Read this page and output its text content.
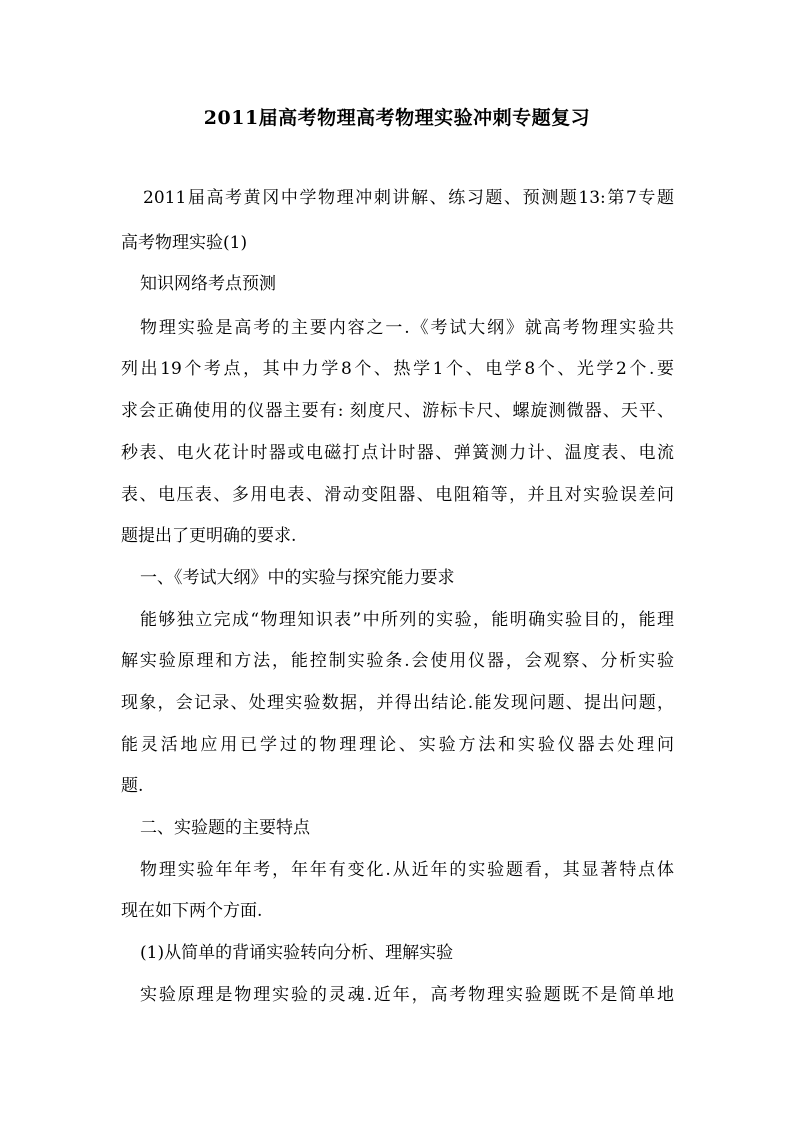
2011届高考物理高考物理实验冲刺专题复习
2011届高考黄冈中学物理冲刺讲解、练习题、预测题13:第7专题
高考物理实验(1)
知识网络考点预测
物理实验是高考的主要内容之一.《考试大纲》就高考物理实验共
列出19个考点，其中力学8个、热学1个、电学8个、光学2个.要
求会正确使用的仪器主要有: 刻度尺、游标卡尺、螺旋测微器、天平、
秒表、电火花计时器或电磁打点计时器、弹簧测力计、温度表、电流
表、电压表、多用电表、滑动变阻器、电阻箱等，并且对实验误差问
题提出了更明确的要求.
一、《考试大纲》中的实验与探究能力要求
能够独立完成“物理知识表”中所列的实验，能明确实验目的，能理
解实验原理和方法，能控制实验条.会使用仪器，会观察、分析实验
现象，会记录、处理实验数据，并得出结论.能发现问题、提出问题，
能灵活地应用已学过的物理理论、实验方法和实验仪器去处理问
题.
二、实验题的主要特点
物理实验年年考，年年有变化.从近年的实验题看，其显著特点体
现在如下两个方面.
(1)从简单的背诵实验转向分析、理解实验
实验原理是物理实验的灵魂.近年，高考物理实验题既不是简单地
